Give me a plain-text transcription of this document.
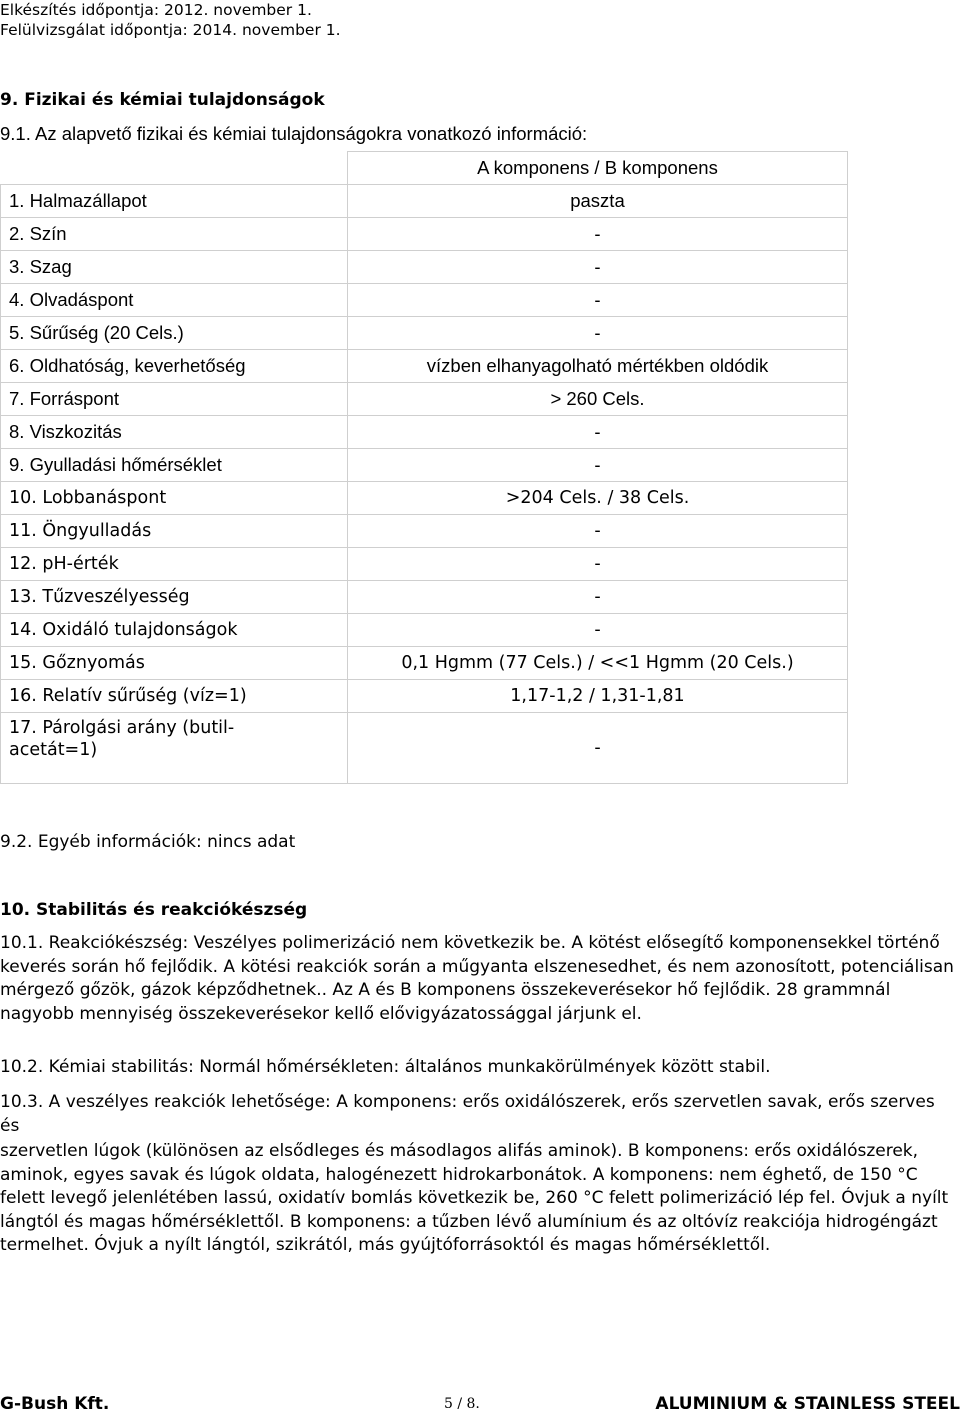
Elkészítés időpontja: 2012. november 1.
Felülvizsgálat időpontja: 2014. november 1.
9. Fizikai és kémiai tulajdonságok
9.1. Az alapvető fizikai és kémiai tulajdonságokra vonatkozó információ:
	A komponens / B komponens
1. Halmazállapot	paszta
2. Szín	-
3. Szag	-
4. Olvadáspont	-
5. Sűrűség (20 Cels.)	-
6. Oldhatóság, keverhetőség	vízben elhanyagolható mértékben oldódik
7. Forráspont	> 260 Cels.
8. Viszkozitás	-
9. Gyulladási hőmérséklet	-
10. Lobbanáspont	>204 Cels. / 38 Cels.
11. Öngyulladás	-
12. pH-érték	-
13. Tűzveszélyesség	-
14. Oxidáló tulajdonságok	-
15. Gőznyomás	0,1 Hgmm (77 Cels.) / <<1 Hgmm (20 Cels.)
16. Relatív sűrűség (víz=1)	1,17-1,2 / 1,31-1,81

17. Párolgási arány (butil-
acetát=1)	-
9.2. Egyéb információk: nincs adat
10. Stabilitás és reakciókészség
10.1. Reakciókészség: Veszélyes polimerizáció nem következik be. A kötést elősegítő komponensekkel történő keverés során hő fejlődik. A kötési reakciók során a műgyanta elszenesedhet, és nem azonosított, potenciálisan mérgező gőzök, gázok képződhetnek.. Az A és B komponens összekeverésekor hő fejlődik. 28 grammnál nagyobb mennyiség összekeverésekor kellő elővigyázatossággal járjunk el.
10.2. Kémiai stabilitás: Normál hőmérsékleten: általános munkakörülmények között stabil.
10.3. A veszélyes reakciók lehetősége: A komponens: erős oxidálószerek, erős szervetlen savak, erős szerves és
szervetlen lúgok (különösen az elsődleges és másodlagos alifás aminok). B komponens: erős oxidálószerek, aminok, egyes savak és lúgok oldata, halogénezett hidrokarbonátok. A komponens: nem éghető, de 150 °C felett levegő jelenlétében lassú, oxidatív bomlás következik be, 260 °C felett polimerizáció lép fel. Óvjuk a nyílt lángtól és magas hőmérséklettől. B komponens: a tűzben lévő alumínium és az oltóvíz reakciója hidrogéngázt termelhet. Óvjuk a nyílt lángtól, szikrától, más gyújtóforrásoktól és magas hőmérséklettől.
G-Bush Kft.	5 / 8.	ALUMINIUM & STAINLESS STEEL
